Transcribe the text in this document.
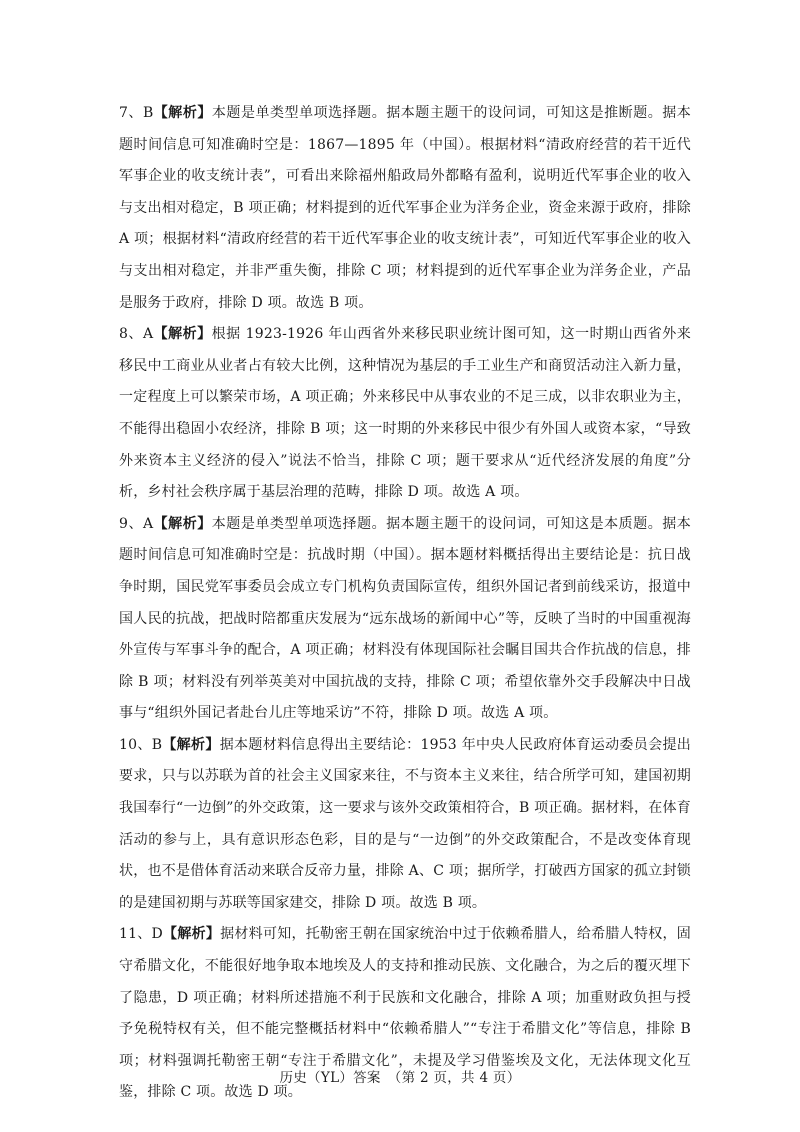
7、B【解析】本题是单类型单项选择题。据本题主题干的设问词，可知这是推断题。据本题时间信息可知准确时空是：1867—1895 年（中国）。根据材料“清政府经营的若干近代军事企业的收支统计表”，可看出来除福州船政局外都略有盈利，说明近代军事企业的收入与支出相对稳定，B 项正确；材料提到的近代军事企业为洋务企业，资金来源于政府，排除 A 项；根据材料“清政府经营的若干近代军事企业的收支统计表”，可知近代军事企业的收入与支出相对稳定，并非严重失衡，排除 C 项；材料提到的近代军事企业为洋务企业，产品是服务于政府，排除 D 项。故选 B 项。

8、A【解析】根据 1923-1926 年山西省外来移民职业统计图可知，这一时期山西省外来移民中工商业从业者占有较大比例，这种情况为基层的手工业生产和商贸活动注入新力量，一定程度上可以繁荣市场，A 项正确；外来移民中从事农业的不足三成，以非农职业为主，不能得出稳固小农经济，排除 B 项；这一时期的外来移民中很少有外国人或资本家，“导致外来资本主义经济的侵入”说法不恰当，排除 C 项；题干要求从“近代经济发展的角度”分析，乡村社会秩序属于基层治理的范畴，排除 D 项。故选 A 项。

9、A【解析】本题是单类型单项选择题。据本题主题干的设问词，可知这是本质题。据本题时间信息可知准确时空是：抗战时期（中国）。据本题材料概括得出主要结论是：抗日战争时期，国民党军事委员会成立专门机构负责国际宣传，组织外国记者到前线采访，报道中国人民的抗战，把战时陪都重庆发展为“远东战场的新闻中心”等，反映了当时的中国重视海外宣传与军事斗争的配合，A 项正确；材料没有体现国际社会瞩目国共合作抗战的信息，排除 B 项；材料没有列举英美对中国抗战的支持，排除 C 项；希望依靠外交手段解决中日战事与“组织外国记者赴台儿庄等地采访”不符，排除 D 项。故选 A 项。

10、B【解析】据本题材料信息得出主要结论：1953 年中央人民政府体育运动委员会提出要求，只与以苏联为首的社会主义国家来往，不与资本主义来往，结合所学可知，建国初期我国奉行“一边倒”的外交政策，这一要求与该外交政策相符合，B 项正确。据材料，在体育活动的参与上，具有意识形态色彩，目的是与“一边倒”的外交政策配合，不是改变体育现状，也不是借体育活动来联合反帝力量，排除 A、C 项；据所学，打破西方国家的孤立封锁的是建国初期与苏联等国家建交，排除 D 项。故选 B 项。

11、D【解析】据材料可知，托勒密王朝在国家统治中过于依赖希腊人，给希腊人特权，固守希腊文化，不能很好地争取本地埃及人的支持和推动民族、文化融合，为之后的覆灭埋下了隐患，D 项正确；材料所述措施不利于民族和文化融合，排除 A 项；加重财政负担与授予免税特权有关，但不能完整概括材料中“依赖希腊人”“专注于希腊文化”等信息，排除 B 项；材料强调托勒密王朝“专注于希腊文化”，未提及学习借鉴埃及文化，无法体现文化互鉴，排除 C 项。故选 D 项。

历史（YL）答案　（第 2 页，共 4 页）
